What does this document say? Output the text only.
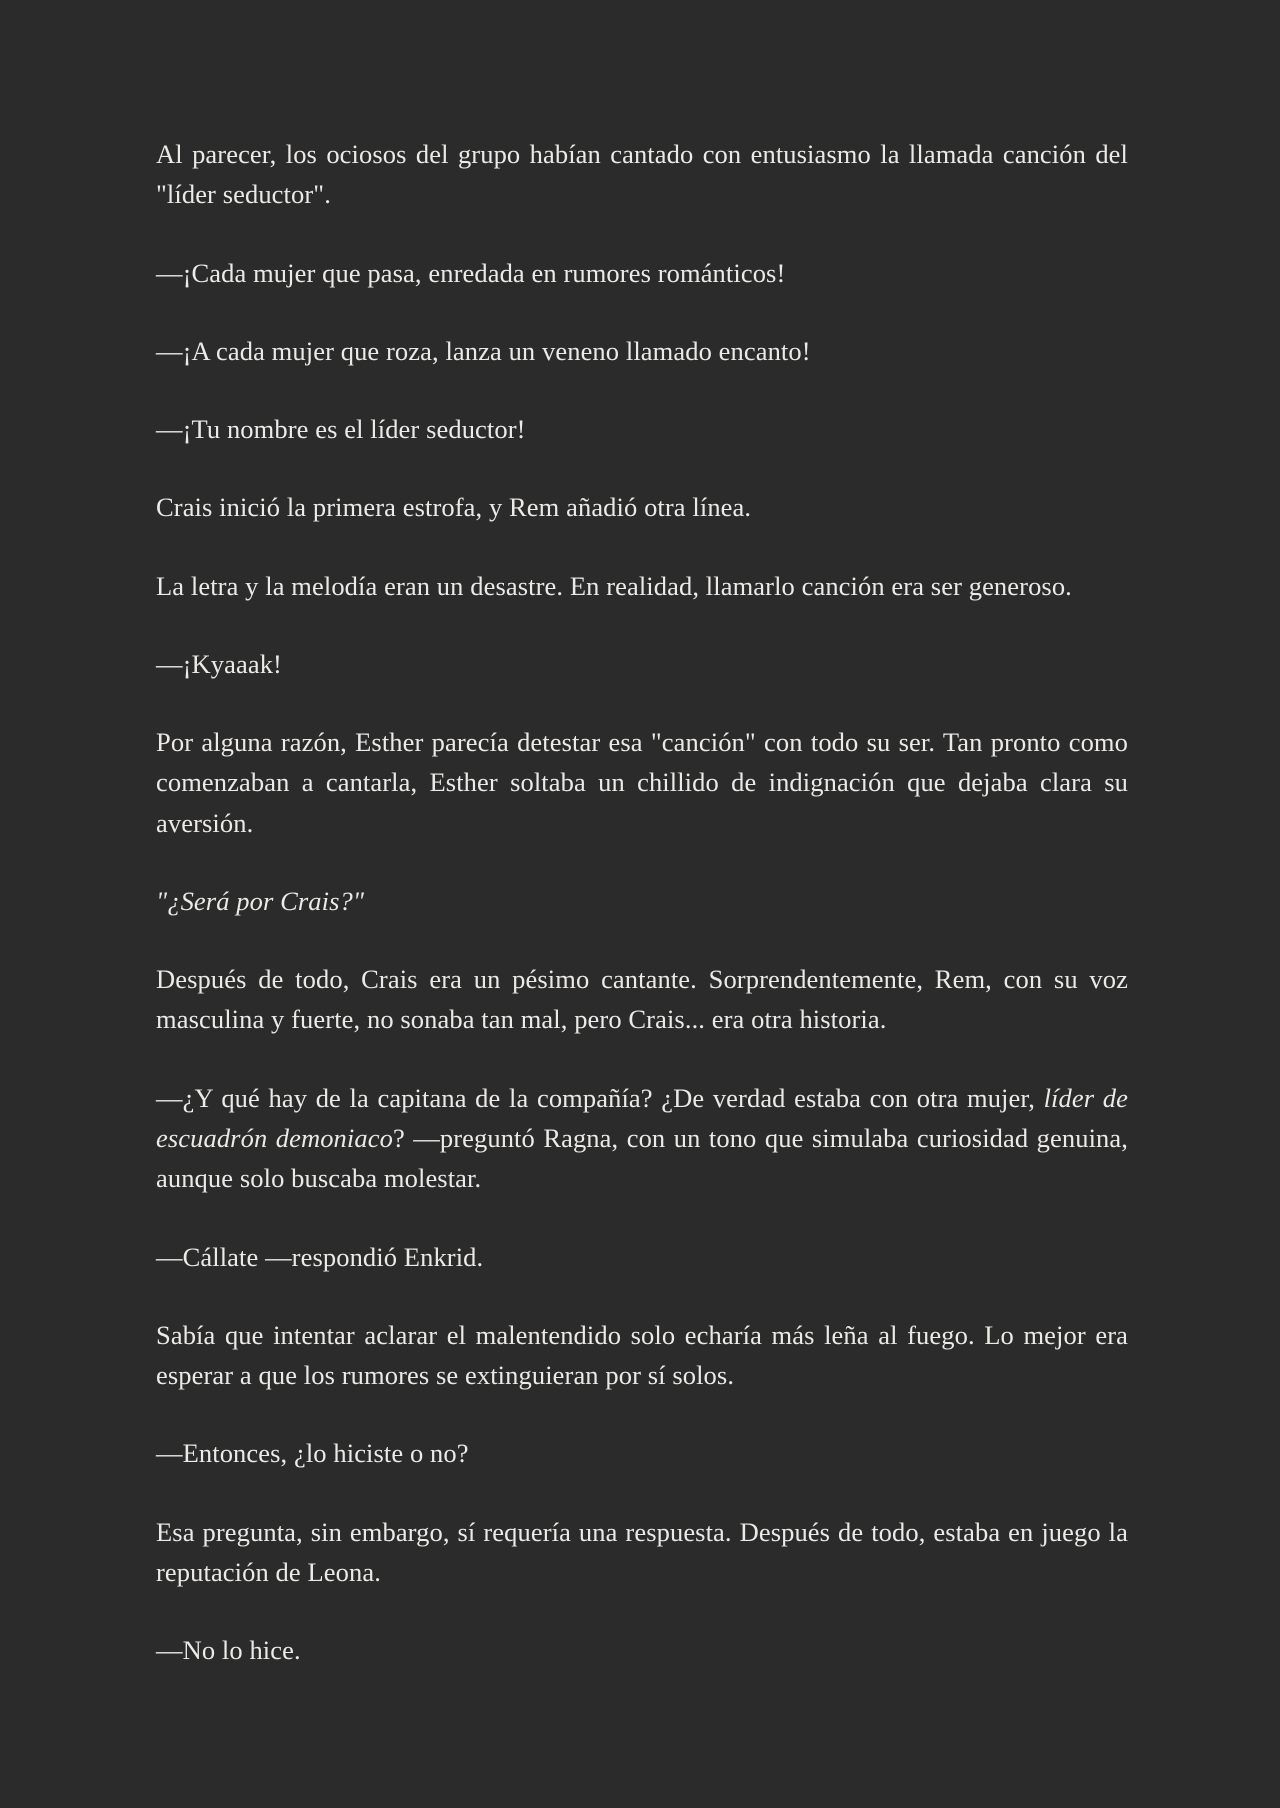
Al parecer, los ociosos del grupo habían cantado con entusiasmo la llamada canción del "líder seductor".

—¡Cada mujer que pasa, enredada en rumores románticos!

—¡A cada mujer que roza, lanza un veneno llamado encanto!

—¡Tu nombre es el líder seductor!

Crais inició la primera estrofa, y Rem añadió otra línea.

La letra y la melodía eran un desastre. En realidad, llamarlo canción era ser generoso.

—¡Kyaaak!

Por alguna razón, Esther parecía detestar esa "canción" con todo su ser. Tan pronto como comenzaban a cantarla, Esther soltaba un chillido de indignación que dejaba clara su aversión.

"¿Será por Crais?"

Después de todo, Crais era un pésimo cantante. Sorprendentemente, Rem, con su voz masculina y fuerte, no sonaba tan mal, pero Crais... era otra historia.

—¿Y qué hay de la capitana de la compañía? ¿De verdad estaba con otra mujer, líder de escuadrón demoniaco? —preguntó Ragna, con un tono que simulaba curiosidad genuina, aunque solo buscaba molestar.

—Cállate —respondió Enkrid.

Sabía que intentar aclarar el malentendido solo echaría más leña al fuego. Lo mejor era esperar a que los rumores se extinguieran por sí solos.

—Entonces, ¿lo hiciste o no?

Esa pregunta, sin embargo, sí requería una respuesta. Después de todo, estaba en juego la reputación de Leona.

—No lo hice.
